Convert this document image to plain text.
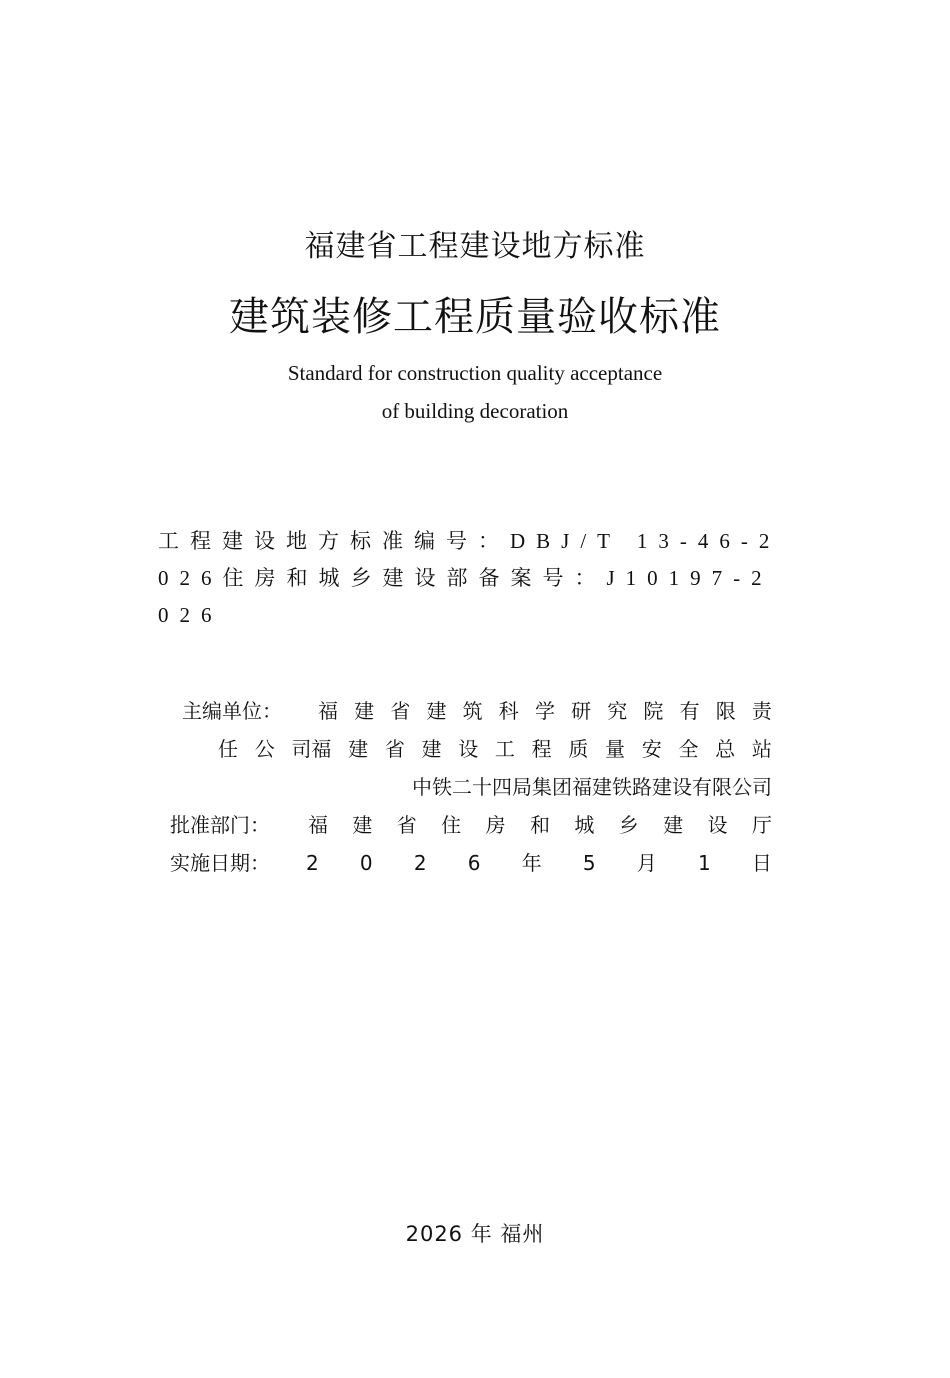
福建省工程建设地方标准
建筑装修工程质量验收标准
Standard for construction quality acceptance
of building decoration
工程建设地方标准编号：DBJ/T 13-46-2026住房和城乡建设部备案号：J10197-2026
主编单位： 福 建 省 建 筑 科 学 研 究 院 有 限 责
任 公 司福 建 省 建 设 工 程 质 量 安 全 总 站
中铁二十四局集团福建铁路建设有限公司
批准部门： 福 建 省 住 房 和 城 乡 建 设 厅
实施日期： 2 0 2 6 年 5 月 1 日
2026 年 福州
